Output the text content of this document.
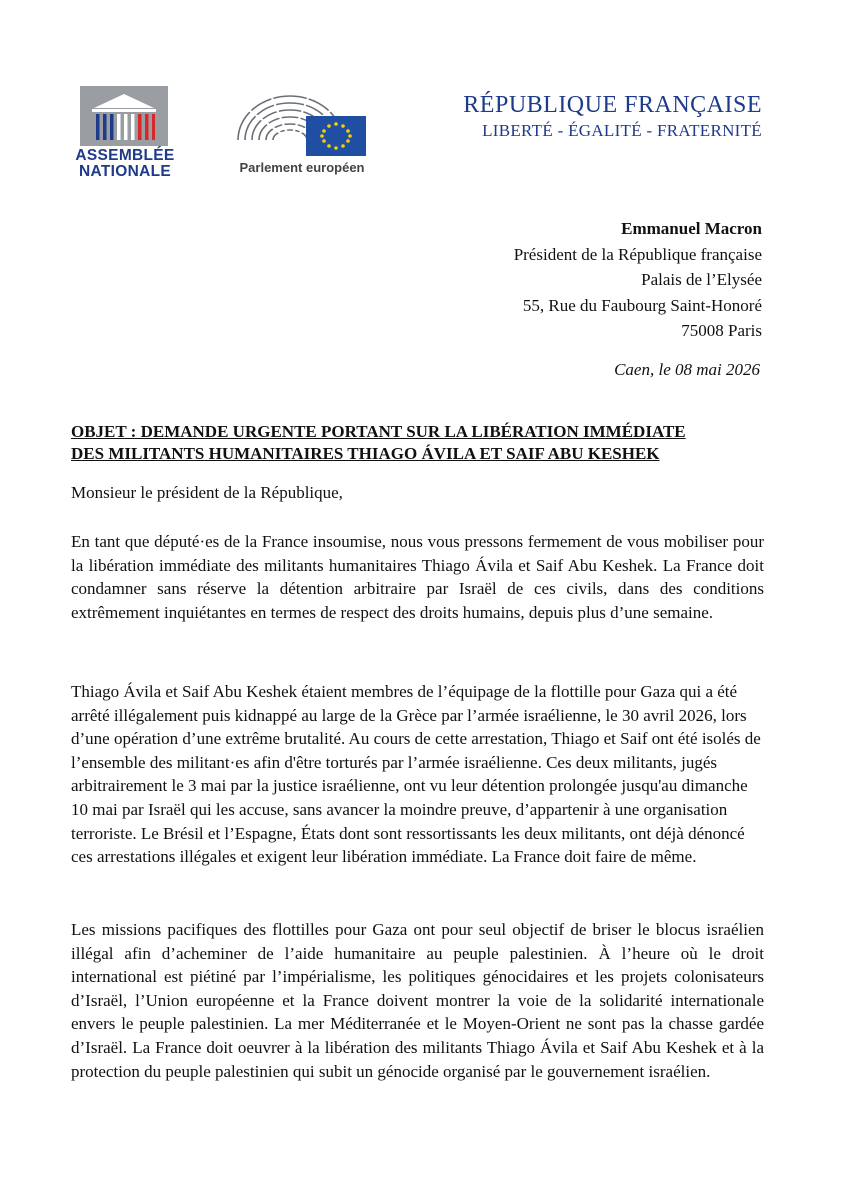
ASSEMBLÉE
NATIONALE	Parlement européen
RÉPUBLIQUE FRANÇAISE
LIBERTÉ - ÉGALITÉ - FRATERNITÉ
Emmanuel Macron
Président de la République française
Palais de l’Elysée
55, Rue du Faubourg Saint-Honoré
75008 Paris
Caen, le 08 mai 2026
OBJET : DEMANDE URGENTE PORTANT SUR LA LIBÉRATION IMMÉDIATE
DES MILITANTS HUMANITAIRES THIAGO ÁVILA ET SAIF ABU KESHEK
Monsieur le président de la République,

En tant que député·es de la France insoumise, nous vous pressons fermement de vous mobiliser pour la libération immédiate des militants humanitaires Thiago Ávila et Saif Abu Keshek. La France doit condamner sans réserve la détention arbitraire par Israël de ces civils, dans des conditions extrêmement inquiétantes en termes de respect des droits humains, depuis plus d’une semaine.

Thiago Ávila et Saif Abu Keshek étaient membres de l’équipage de la flottille pour Gaza qui a été arrêté illégalement puis kidnappé au large de la Grèce par l’armée israélienne, le 30 avril 2026, lors d’une opération d’une extrême brutalité. Au cours de cette arrestation, Thiago et Saif ont été isolés de l’ensemble des militant·es afin d'être torturés par l’armée israélienne. Ces deux militants, jugés arbitrairement le 3 mai par la justice israélienne, ont vu leur détention prolongée jusqu'au dimanche 10 mai par Israël qui les accuse, sans avancer la moindre preuve, d’appartenir à une organisation terroriste. Le Brésil et l’Espagne, États dont sont ressortissants les deux militants, ont déjà dénoncé ces arrestations illégales et exigent leur libération immédiate. La France doit faire de même.

Les missions pacifiques des flottilles pour Gaza ont pour seul objectif de briser le blocus israélien illégal afin d’acheminer de l’aide humanitaire au peuple palestinien. À l’heure où le droit international est piétiné par l’impérialisme, les politiques génocidaires et les projets colonisateurs d’Israël, l’Union européenne et la France doivent montrer la voie de la solidarité internationale envers le peuple palestinien. La mer Méditerranée et le Moyen-Orient ne sont pas la chasse gardée d’Israël. La France doit oeuvrer à la libération des militants Thiago Ávila et Saif Abu Keshek et à la protection du peuple palestinien qui subit un génocide organisé par le gouvernement israélien.
